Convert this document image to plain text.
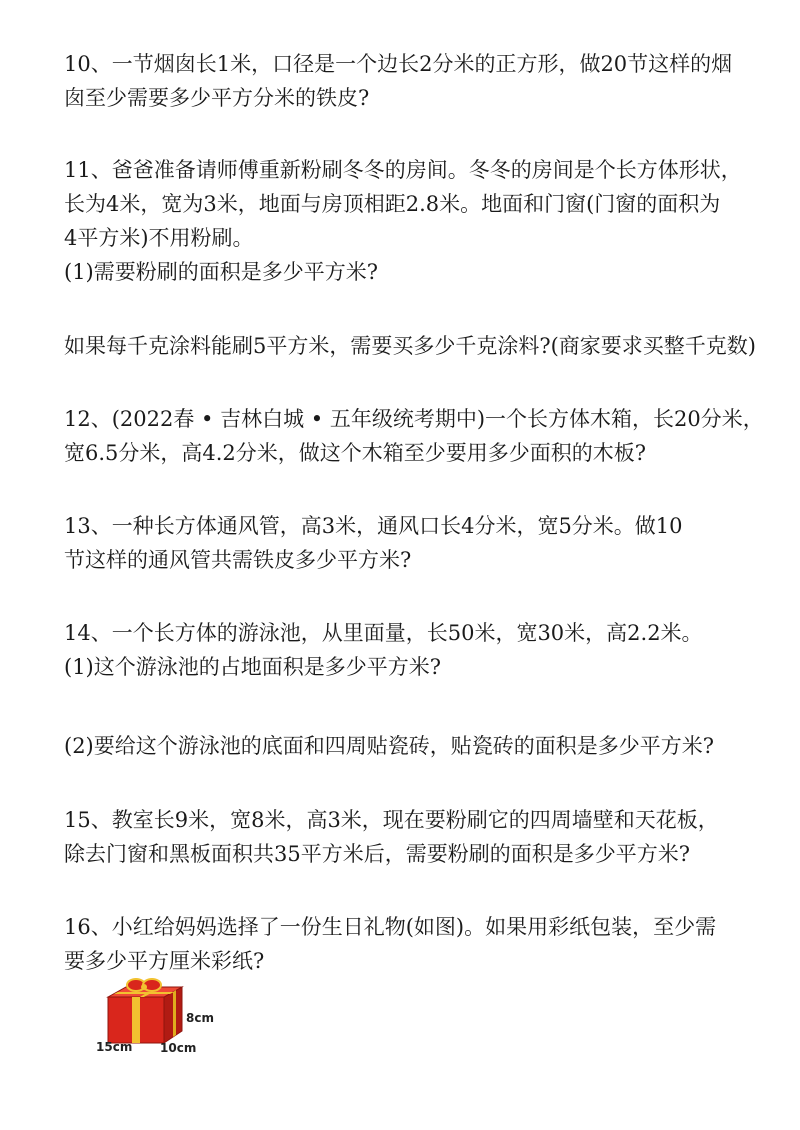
10、一节烟囱长1米，口径是一个边长2分米的正方形，做20节这样的烟
囱至少需要多少平方分米的铁皮?
11、爸爸准备请师傅重新粉刷冬冬的房间。冬冬的房间是个长方体形状，
长为4米，宽为3米，地面与房顶相距2.8米。地面和门窗(门窗的面积为
4平方米)不用粉刷。
(1)需要粉刷的面积是多少平方米?
如果每千克涂料能刷5平方米，需要买多少千克涂料?(商家要求买整千克数)
12、(2022春 • 吉林白城 • 五年级统考期中)一个长方体木箱，长20分米，
宽6.5分米，高4.2分米，做这个木箱至少要用多少面积的木板?
13、一种长方体通风管，高3米，通风口长4分米，宽5分米。做10
节这样的通风管共需铁皮多少平方米?
14、一个长方体的游泳池，从里面量，长50米，宽30米，高2.2米。
(1)这个游泳池的占地面积是多少平方米?
(2)要给这个游泳池的底面和四周贴瓷砖，贴瓷砖的面积是多少平方米?
15、教室长9米，宽8米，高3米，现在要粉刷它的四周墙壁和天花板，
除去门窗和黑板面积共35平方米后，需要粉刷的面积是多少平方米?
16、小红给妈妈选择了一份生日礼物(如图)。如果用彩纸包装，至少需
要多少平方厘米彩纸?
8cm
15cm 10cm
